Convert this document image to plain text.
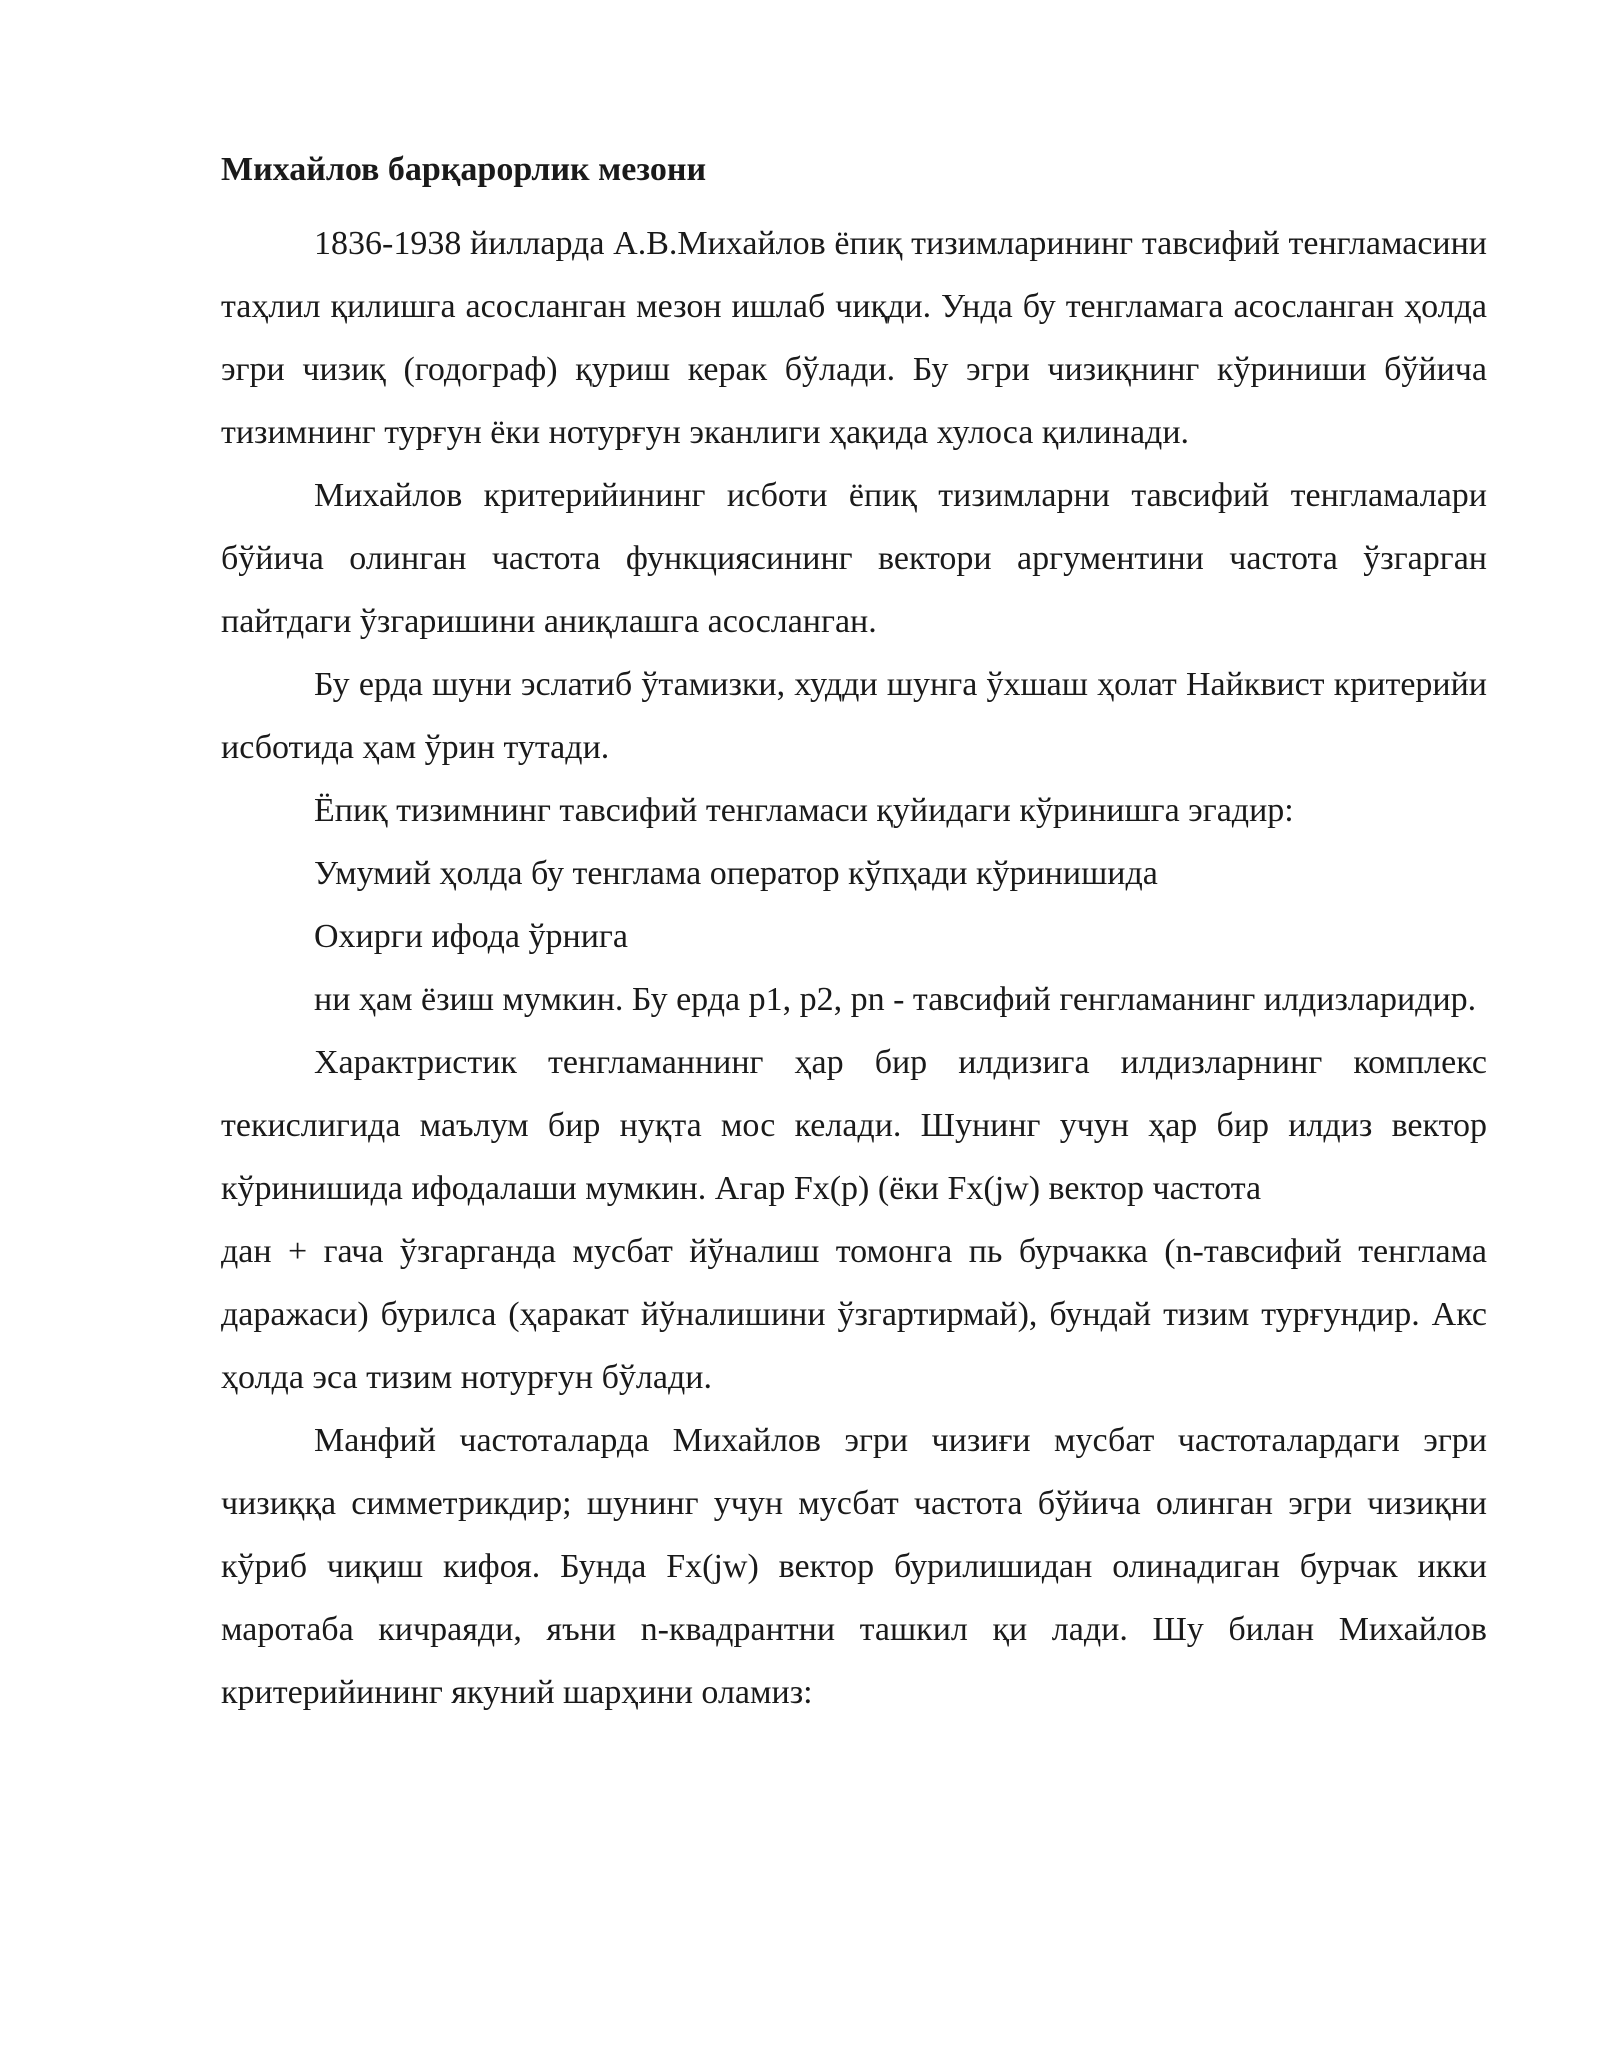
Михайлов барқарорлик мезони

1836-1938 йилларда А.В.Михайлов ёпиқ тизимларининг тавсифий тенгламасини таҳлил қилишга асосланган мезон ишлаб чиқди. Унда бу тенгламага асосланган ҳолда эгри чизиқ (годограф) қуриш керак бўлади. Бу эгри чизиқнинг кўриниши бўйича тизимнинг турғун ёки нотурғун эканлиги ҳақида хулоса қилинади.

Михайлов критерийининг исботи ёпиқ тизимларни тавсифий тенгламалари бўйича олинган частота функциясининг вектори аргументини частота ўзгарган пайтдаги ўзгаришини аниқлашга асосланган.

Бу ерда шуни эслатиб ўтамизки, худди шунга ўхшаш ҳолат Найквист критерийи исботида ҳам ўрин тутади.

Ёпиқ тизимнинг тавсифий тенгламаси қуйидаги кўринишга эгадир:

Умумий ҳолда бу тенглама оператор кўпҳади кўринишида

Охирги ифода ўрнига

ни ҳам ёзиш мумкин. Бу ерда p1, p2, pn - тавсифий генгламанинг илдизларидир.

Характристик тенгламаннинг ҳар бир илдизига илдизларнинг комплекс текислигида маълум бир нуқта мос келади. Шунинг учун ҳар бир илдиз вектор кўринишида ифодалаши мумкин. Агар Fx(p) (ёки Fx(jw) вектор частота

дан + гача ўзгарганда мусбат йўналиш томонга пь бурчакка (n-тавсифий тенглама даражаси) бурилса (ҳаракат йўналишини ўзгартирмай), бундай тизим турғундир. Акс ҳолда эса тизим нотурғун бўлади.

Манфий частоталарда Михайлов эгри чизиғи мусбат частоталардаги эгри чизиққа симметрикдир; шунинг учун мусбат частота бўйича олинган эгри чизиқни кўриб чиқиш кифоя. Бунда Fx(jw) вектор бурилишидан олинадиган бурчак икки маротаба кичраяди, яъни n-квадрантни ташкил қи лади. Шу билан Михайлов критерийининг якуний шарҳини оламиз:
